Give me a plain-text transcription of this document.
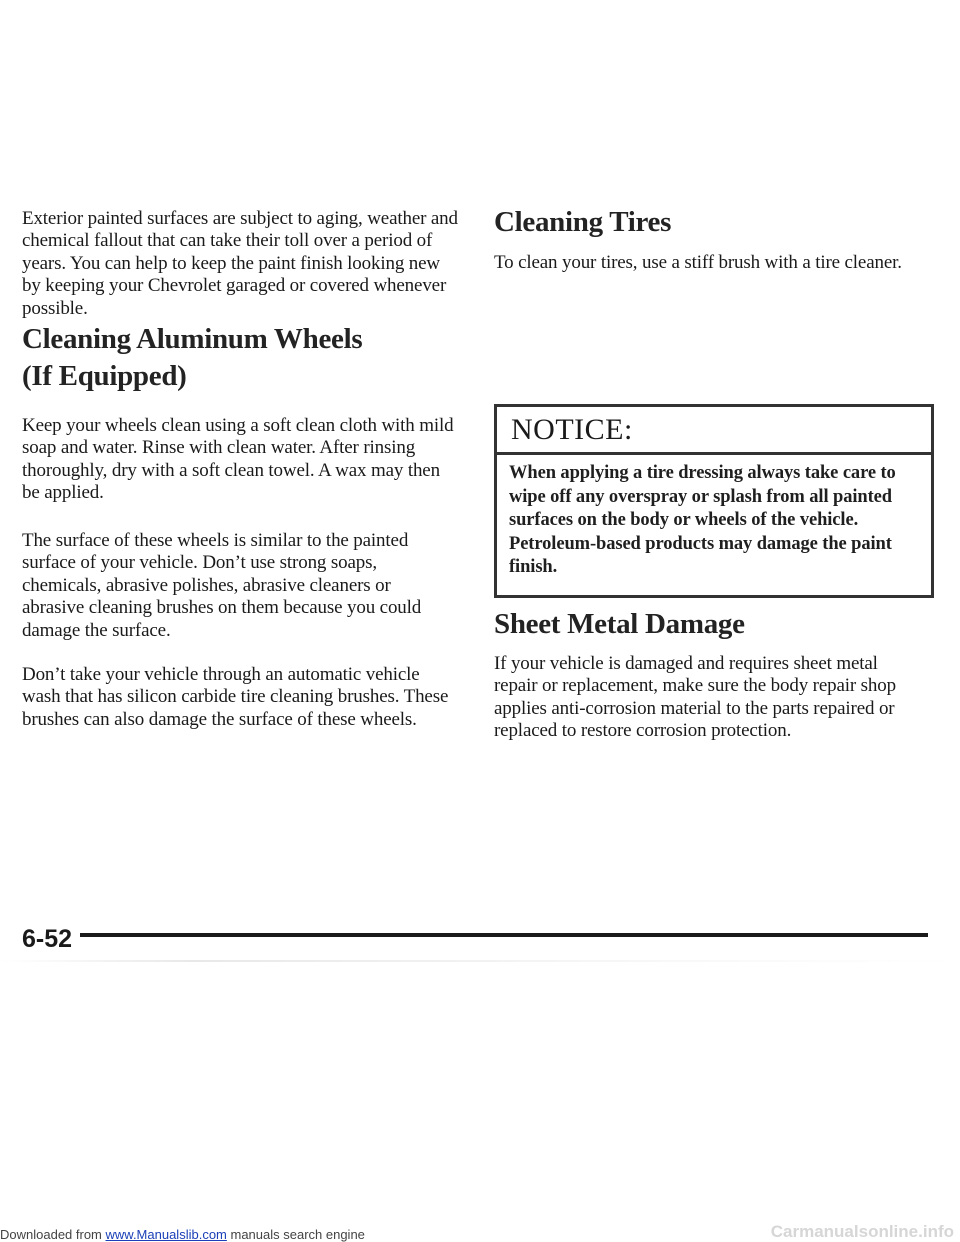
Exterior painted surfaces are subject to aging, weather and chemical fallout that can take their toll over a period of years. You can help to keep the paint finish looking new by keeping your Chevrolet garaged or covered whenever possible.

Cleaning Aluminum Wheels
(If Equipped)

Keep your wheels clean using a soft clean cloth with mild soap and water. Rinse with clean water. After rinsing thoroughly, dry with a soft clean towel. A wax may then be applied.

The surface of these wheels is similar to the painted surface of your vehicle. Don’t use strong soaps, chemicals, abrasive polishes, abrasive cleaners or abrasive cleaning brushes on them because you could damage the surface.

Don’t take your vehicle through an automatic vehicle wash that has silicon carbide tire cleaning brushes. These brushes can also damage the surface of these wheels.

Cleaning Tires

To clean your tires, use a stiff brush with a tire cleaner.

NOTICE:

When applying a tire dressing always take care to wipe off any overspray or splash from all painted surfaces on the body or wheels of the vehicle. Petroleum-based products may damage the paint finish.

Sheet Metal Damage

If your vehicle is damaged and requires sheet metal repair or replacement, make sure the body repair shop applies anti-corrosion material to the parts repaired or replaced to restore corrosion protection.

6-52

Downloaded from www.Manualslib.com manuals search engine	Carmanualsonline.info
